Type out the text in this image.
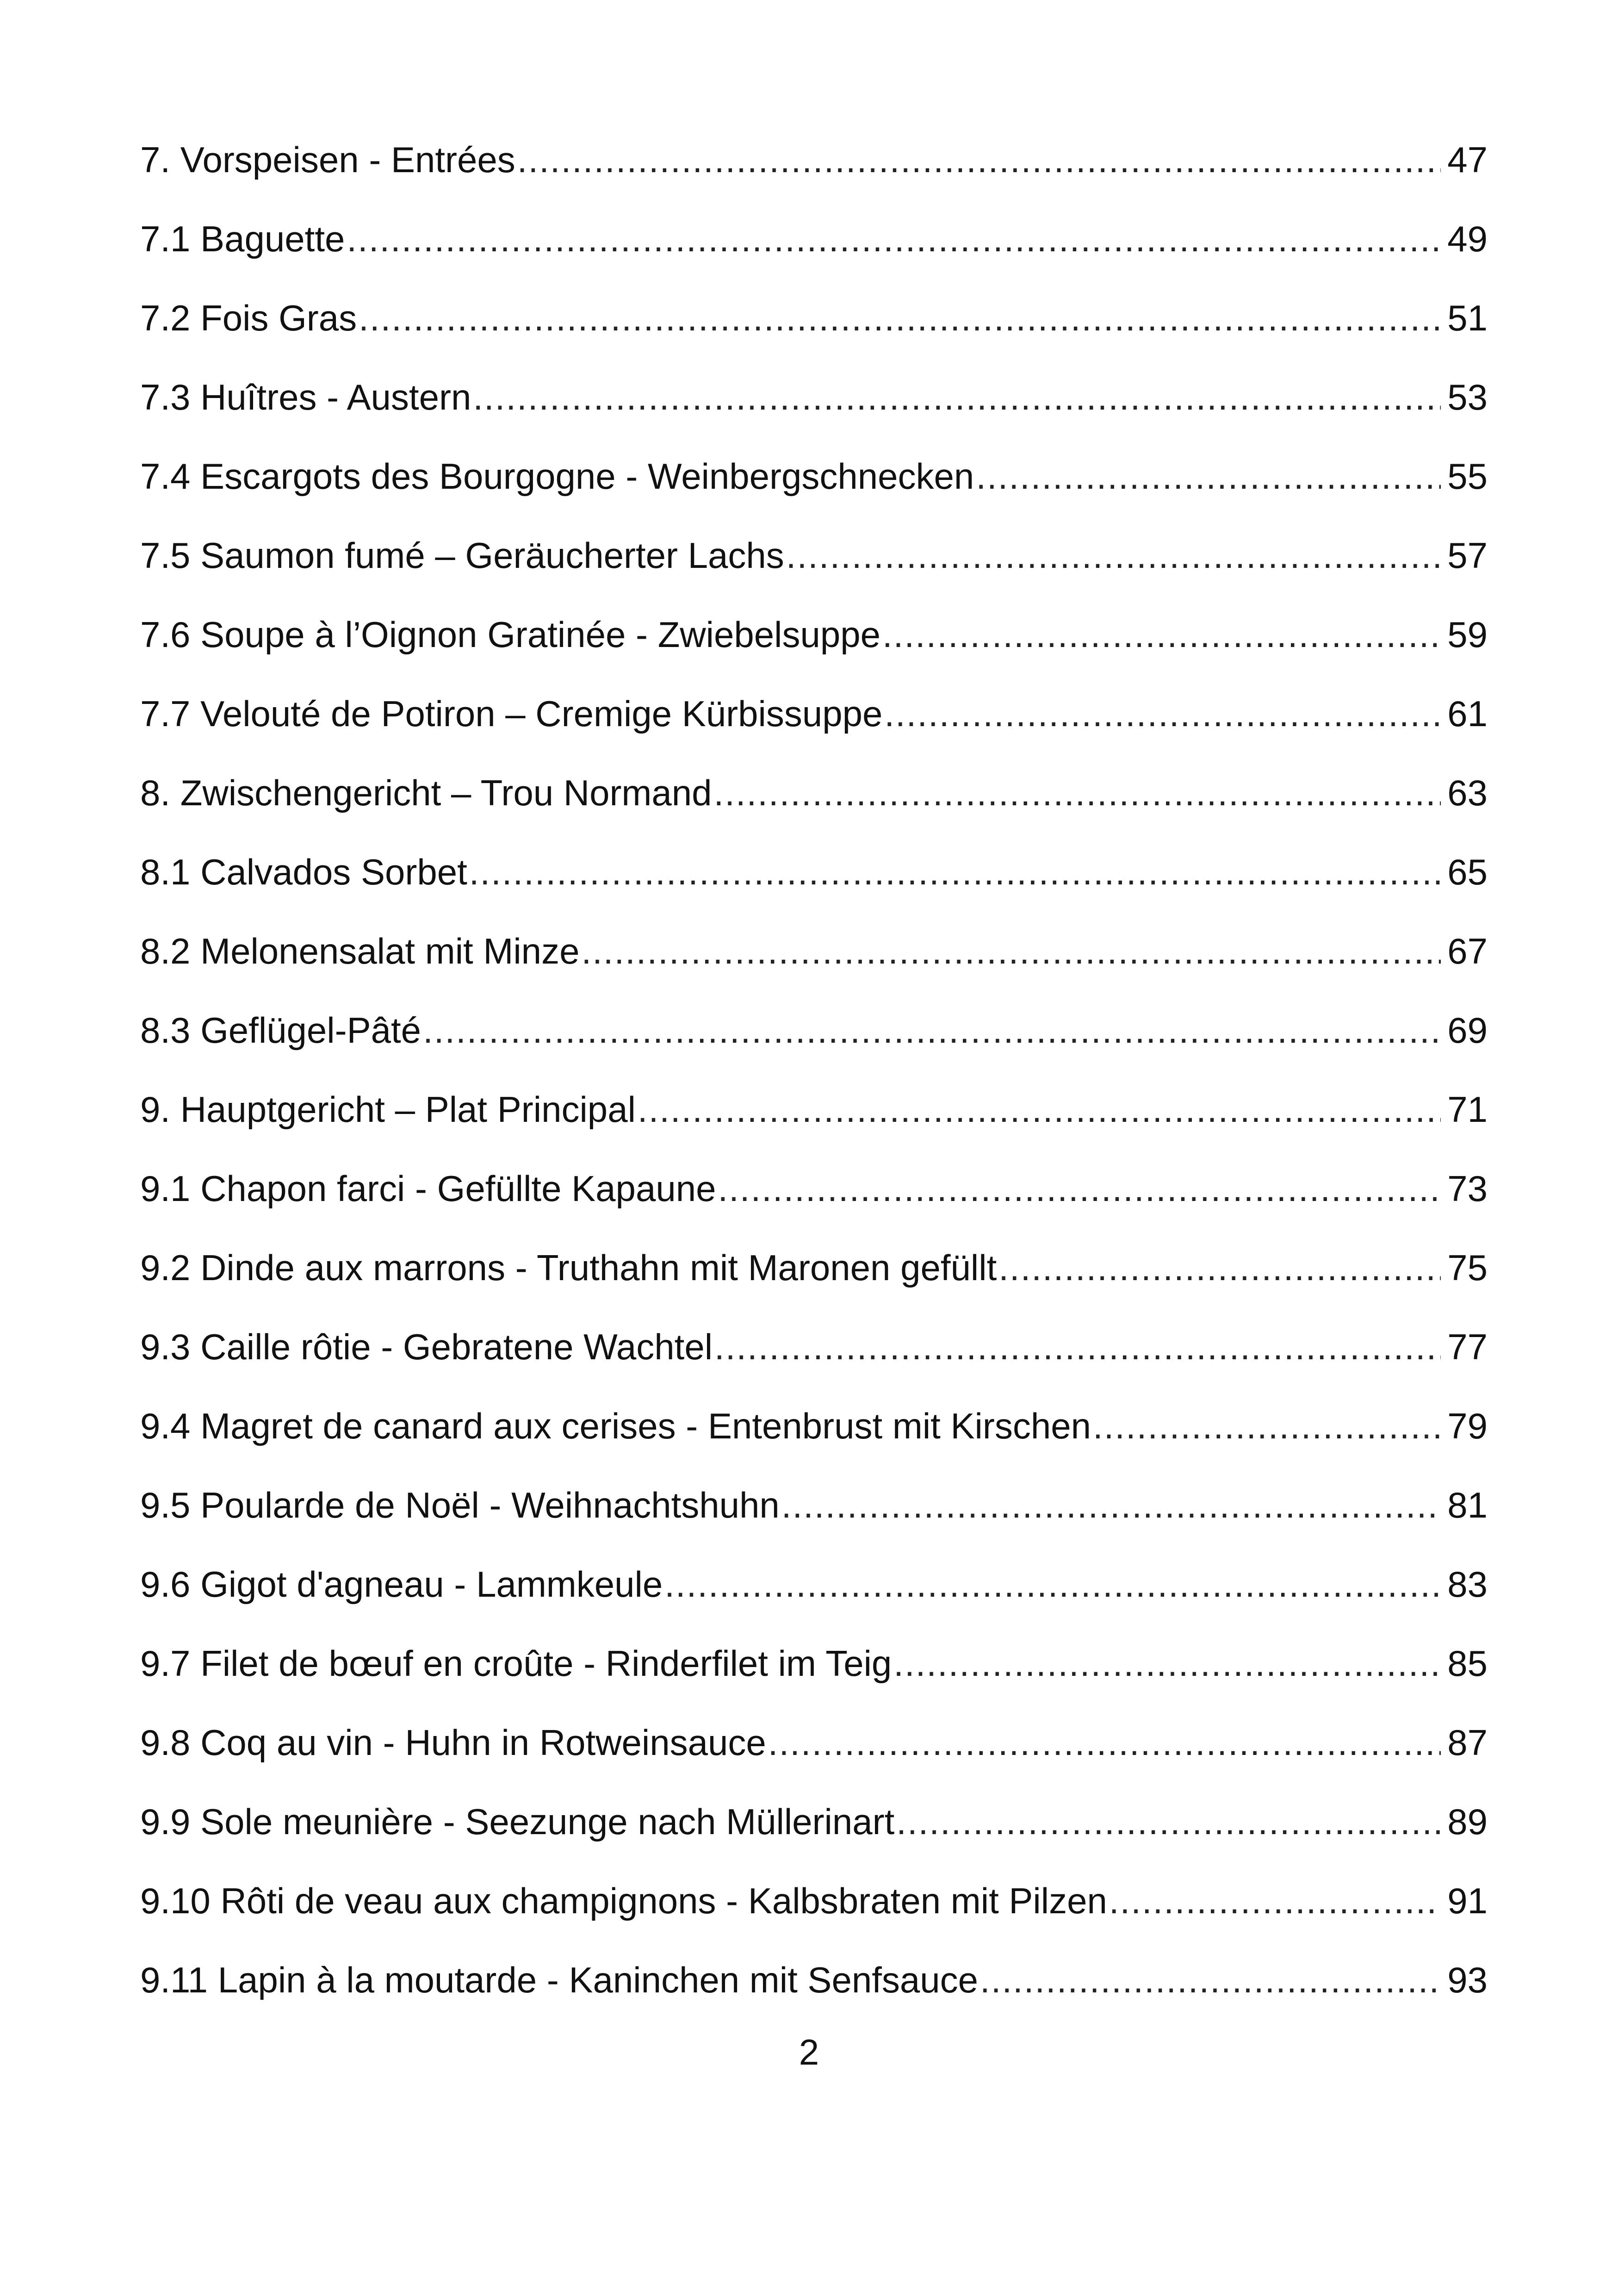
7. Vorspeisen - Entrées .....	47
7.1 Baguette .....	49
7.2 Fois Gras .....	51
7.3 Huîtres - Austern .....	53
7.4 Escargots des Bourgogne - Weinbergschnecken .....	55
7.5 Saumon fumé – Geräucherter Lachs .....	57
7.6 Soupe à l’Oignon Gratinée - Zwiebelsuppe .....	59
7.7 Velouté de Potiron – Cremige Kürbissuppe .....	61
8. Zwischengericht – Trou Normand .....	63
8.1 Calvados Sorbet .....	65
8.2 Melonensalat mit Minze .....	67
8.3 Geflügel-Pâté .....	69
9. Hauptgericht – Plat Principal .....	71
9.1 Chapon farci - Gefüllte Kapaune .....	73
9.2 Dinde aux marrons - Truthahn mit Maronen gefüllt .....	75
9.3 Caille rôtie - Gebratene Wachtel .....	77
9.4 Magret de canard aux cerises - Entenbrust mit Kirschen .....	79
9.5 Poularde de Noël - Weihnachtshuhn .....	81
9.6 Gigot d'agneau - Lammkeule .....	83
9.7 Filet de bœuf en croûte - Rinderfilet im Teig .....	85
9.8 Coq au vin - Huhn in Rotweinsauce .....	87
9.9 Sole meunière - Seezunge nach Müllerinart .....	89
9.10 Rôti de veau aux champignons - Kalbsbraten mit Pilzen .....	91
9.11 Lapin à la moutarde - Kaninchen mit Senfsauce .....	93
2
